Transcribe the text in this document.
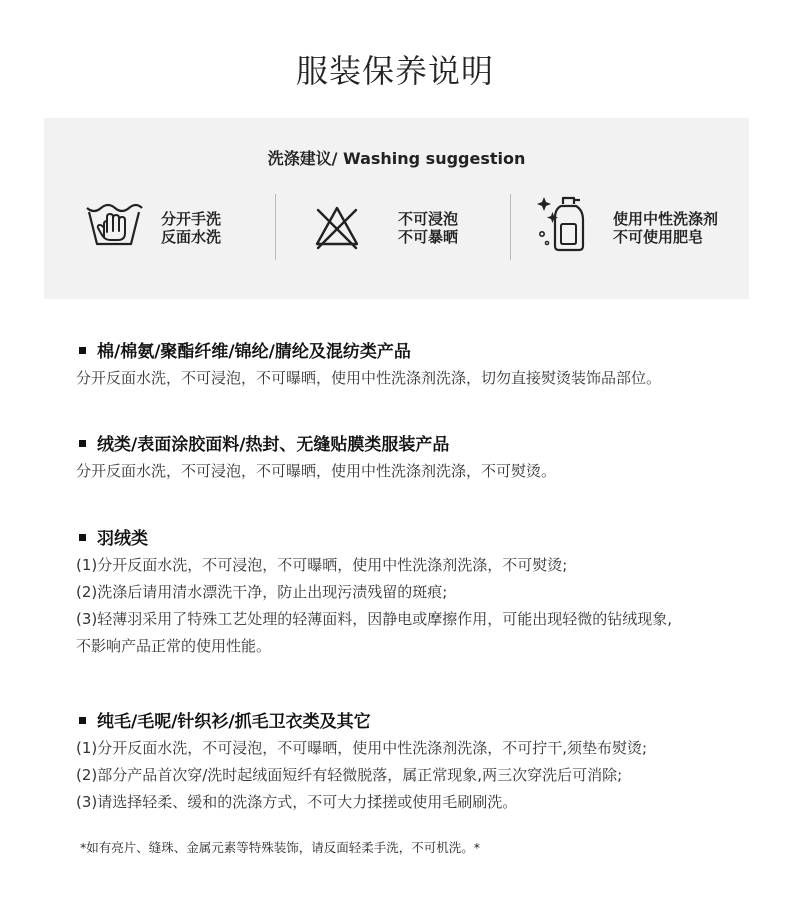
服装保养说明
洗涤建议/ Washing suggestion
分开手洗
反面水洗
不可浸泡
不可暴晒
使用中性洗涤剂
不可使用肥皂
棉/棉氨/聚酯纤维/锦纶/腈纶及混纺类产品
分开反面水洗，不可浸泡，不可曝晒，使用中性洗涤剂洗涤，切勿直接熨烫装饰品部位。
绒类/表面涂胶面料/热封、无缝贴膜类服装产品
分开反面水洗，不可浸泡，不可曝晒，使用中性洗涤剂洗涤，不可熨烫。
羽绒类
(1)分开反面水洗，不可浸泡，不可曝晒，使用中性洗涤剂洗涤，不可熨烫;
(2)洗涤后请用清水漂洗干净，防止出现污渍残留的斑痕;
(3)轻薄羽采用了特殊工艺处理的轻薄面料，因静电或摩擦作用，可能出现轻微的钻绒现象,
不影响产品正常的使用性能。
纯毛/毛呢/针织衫/抓毛卫衣类及其它
(1)分开反面水洗，不可浸泡，不可曝晒，使用中性洗涤剂洗涤，不可拧干,须垫布熨烫;
(2)部分产品首次穿/洗时起绒面短纤有轻微脱落，属正常现象,两三次穿洗后可消除;
(3)请选择轻柔、缓和的洗涤方式，不可大力揉搓或使用毛刷刷洗。
*如有亮片、缝珠、金属元素等特殊装饰，请反面轻柔手洗，不可机洗。*
